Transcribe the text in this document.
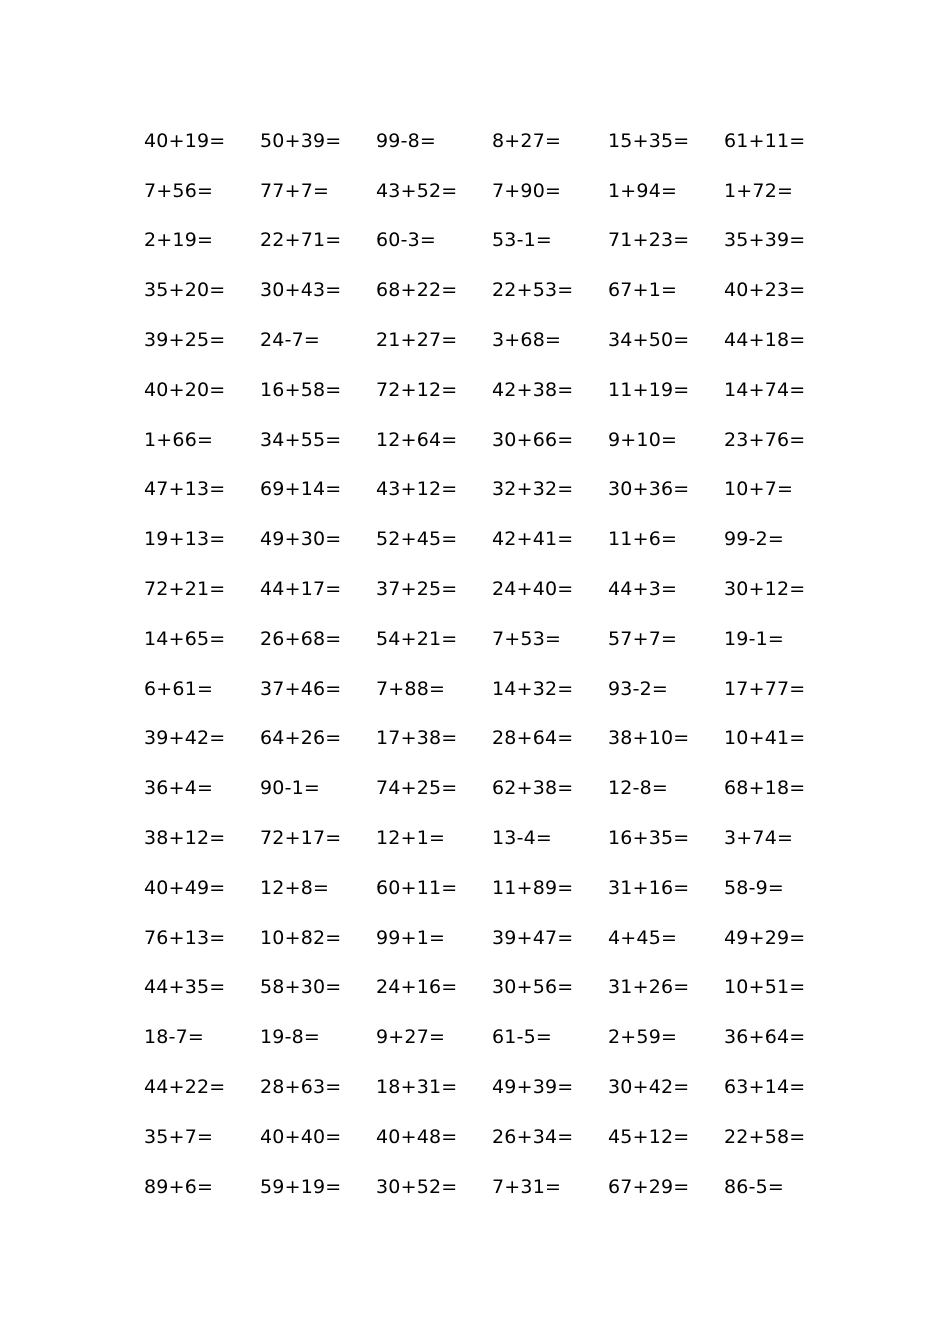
40+19=	50+39=	99-8=	8+27=	15+35=	61+11=
7+56=	77+7=	43+52=	7+90=	1+94=	1+72=
2+19=	22+71=	60-3=	53-1=	71+23=	35+39=
35+20=	30+43=	68+22=	22+53=	67+1=	40+23=
39+25=	24-7=	21+27=	3+68=	34+50=	44+18=
40+20=	16+58=	72+12=	42+38=	11+19=	14+74=
1+66=	34+55=	12+64=	30+66=	9+10=	23+76=
47+13=	69+14=	43+12=	32+32=	30+36=	10+7=
19+13=	49+30=	52+45=	42+41=	11+6=	99-2=
72+21=	44+17=	37+25=	24+40=	44+3=	30+12=
14+65=	26+68=	54+21=	7+53=	57+7=	19-1=
6+61=	37+46=	7+88=	14+32=	93-2=	17+77=
39+42=	64+26=	17+38=	28+64=	38+10=	10+41=
36+4=	90-1=	74+25=	62+38=	12-8=	68+18=
38+12=	72+17=	12+1=	13-4=	16+35=	3+74=
40+49=	12+8=	60+11=	11+89=	31+16=	58-9=
76+13=	10+82=	99+1=	39+47=	4+45=	49+29=
44+35=	58+30=	24+16=	30+56=	31+26=	10+51=
18-7=	19-8=	9+27=	61-5=	2+59=	36+64=
44+22=	28+63=	18+31=	49+39=	30+42=	63+14=
35+7=	40+40=	40+48=	26+34=	45+12=	22+58=
89+6=	59+19=	30+52=	7+31=	67+29=	86-5=
